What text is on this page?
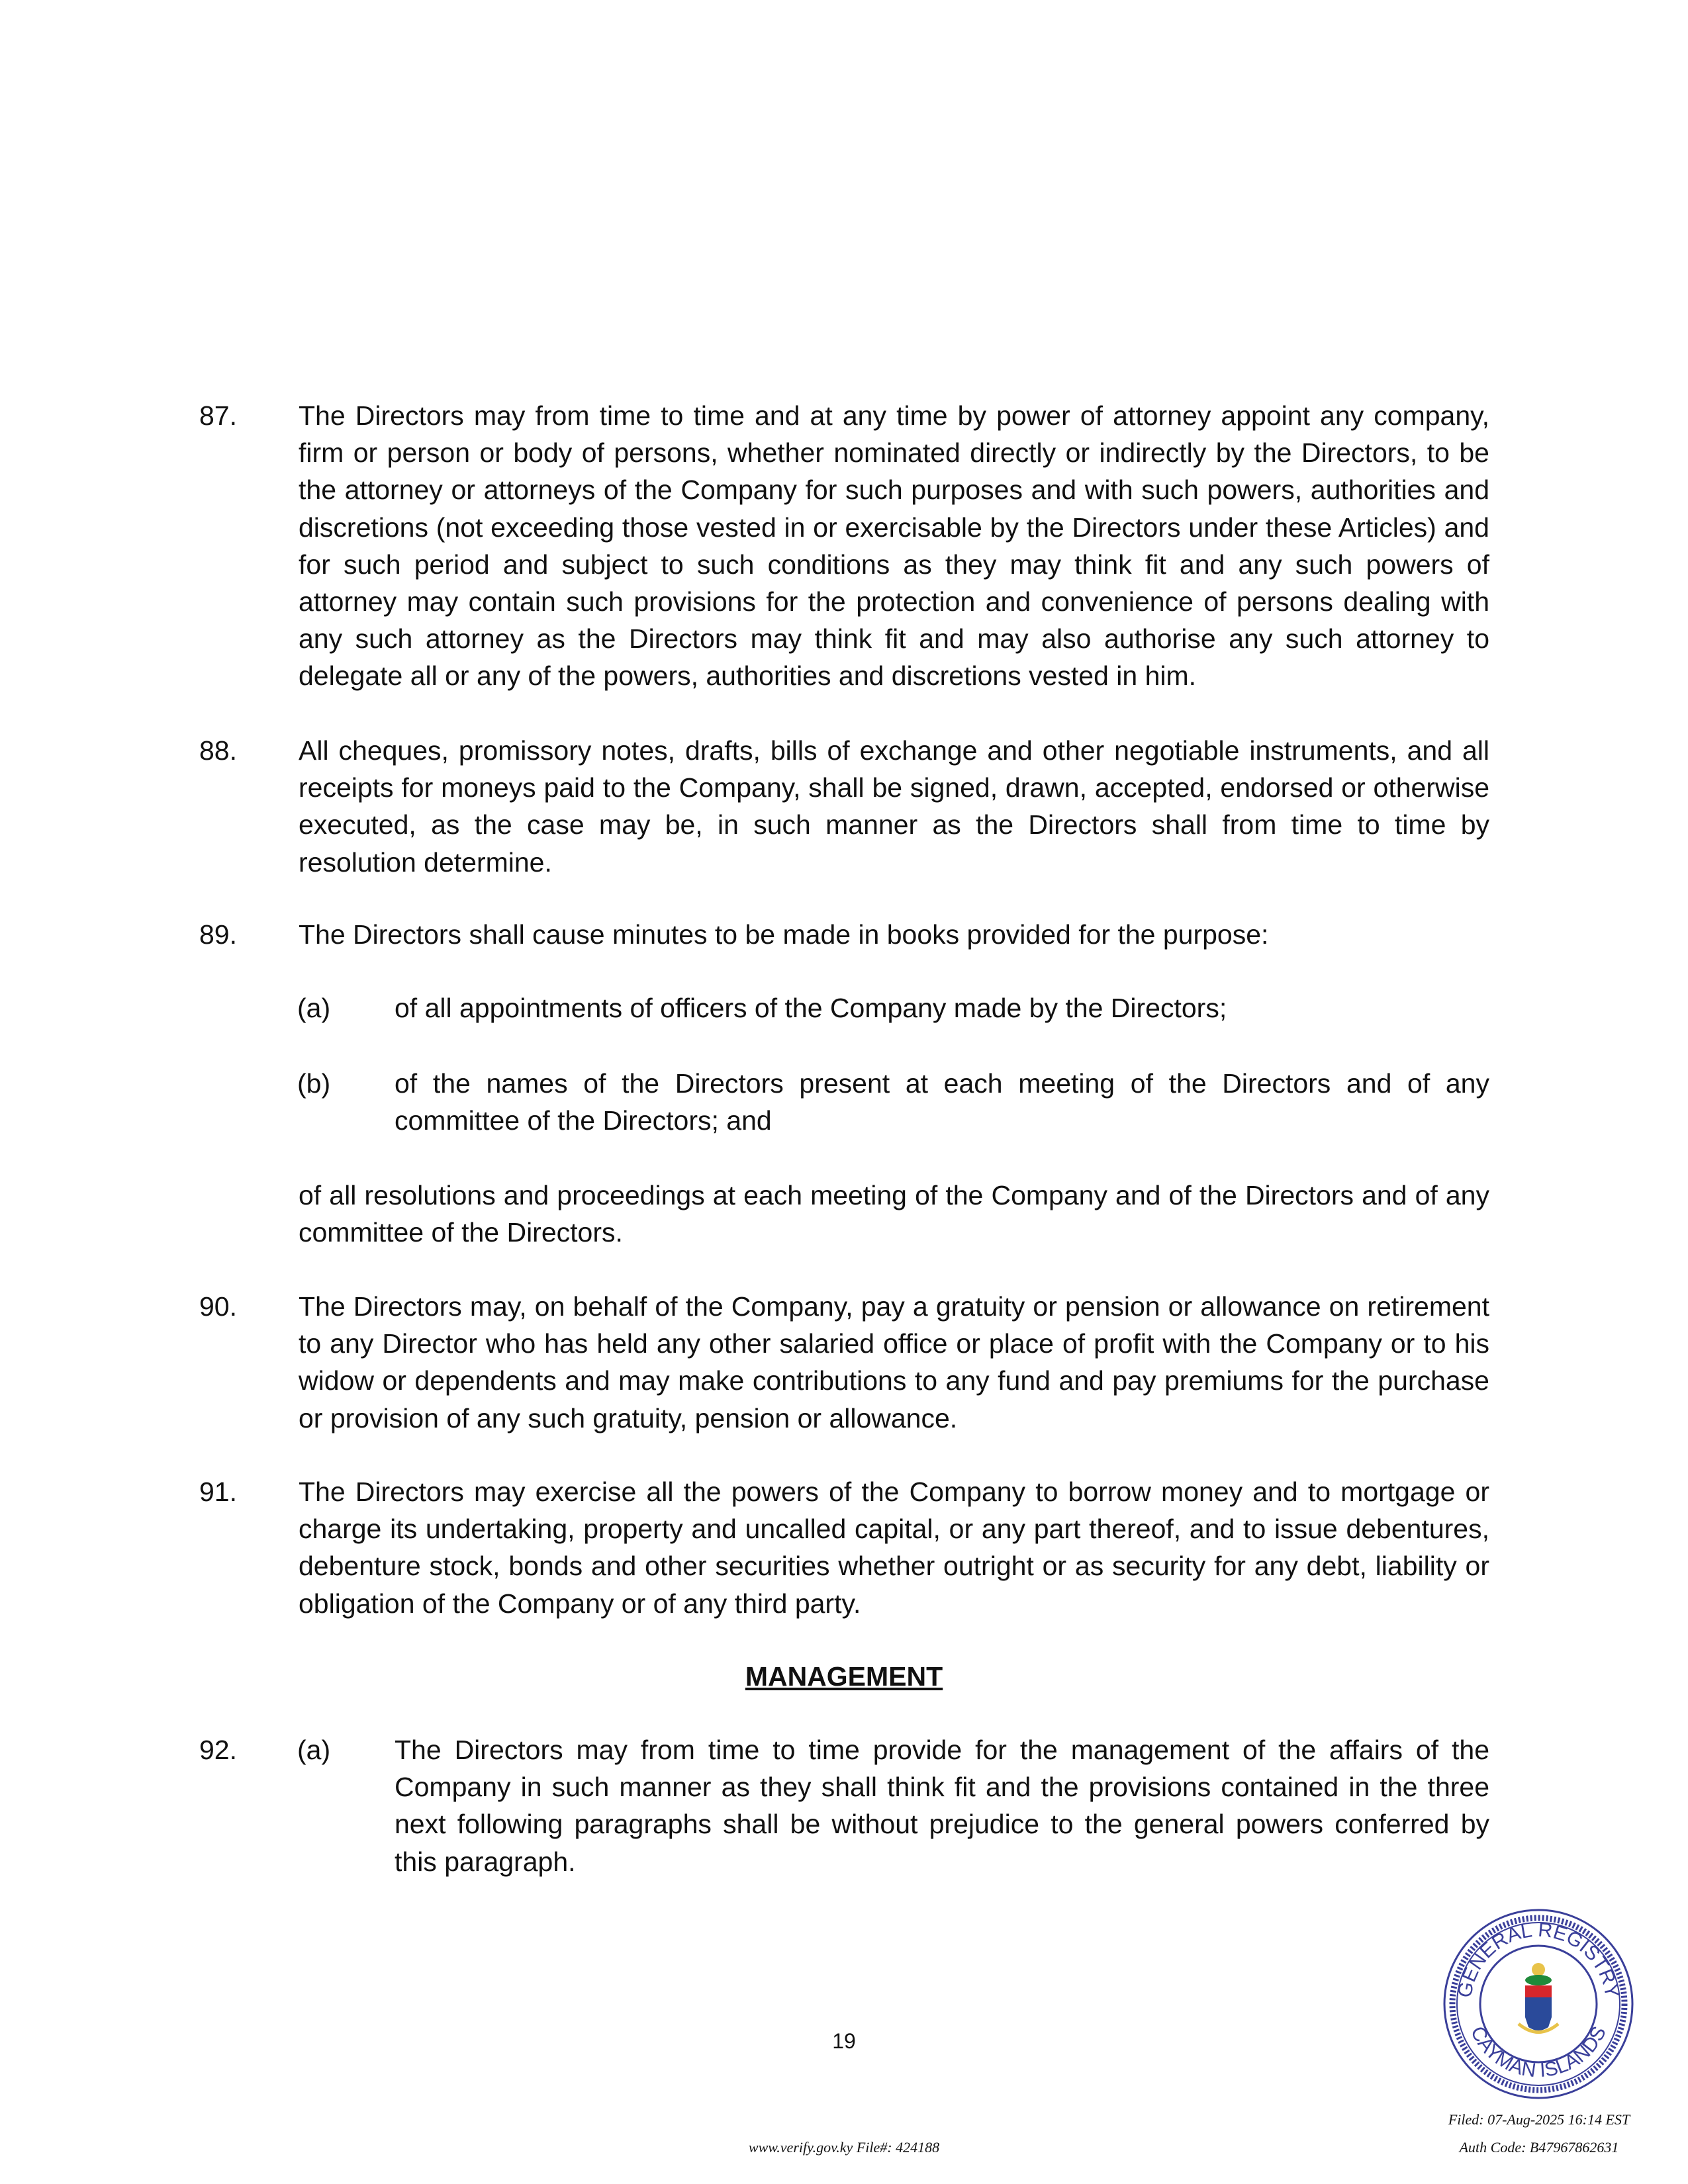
87. The Directors may from time to time and at any time by power of attorney appoint any company, firm or person or body of persons, whether nominated directly or indirectly by the Directors, to be the attorney or attorneys of the Company for such purposes and with such powers, authorities and discretions (not exceeding those vested in or exercisable by the Directors under these Articles) and for such period and subject to such conditions as they may think fit and any such powers of attorney may contain such provisions for the protection and convenience of persons dealing with any such attorney as the Directors may think fit and may also authorise any such attorney to delegate all or any of the powers, authorities and discretions vested in him.
88. All cheques, promissory notes, drafts, bills of exchange and other negotiable instruments, and all receipts for moneys paid to the Company, shall be signed, drawn, accepted, endorsed or otherwise executed, as the case may be, in such manner as the Directors shall from time to time by resolution determine.
89. The Directors shall cause minutes to be made in books provided for the purpose:
(a) of all appointments of officers of the Company made by the Directors;
(b) of the names of the Directors present at each meeting of the Directors and of any committee of the Directors; and
of all resolutions and proceedings at each meeting of the Company and of the Directors and of any committee of the Directors.
90. The Directors may, on behalf of the Company, pay a gratuity or pension or allowance on retirement to any Director who has held any other salaried office or place of profit with the Company or to his widow or dependents and may make contributions to any fund and pay premiums for the purchase or provision of any such gratuity, pension or allowance.
91. The Directors may exercise all the powers of the Company to borrow money and to mortgage or charge its undertaking, property and uncalled capital, or any part thereof, and to issue debentures, debenture stock, bonds and other securities whether outright or as security for any debt, liability or obligation of the Company or of any third party.
MANAGEMENT
92. (a) The Directors may from time to time provide for the management of the affairs of the Company in such manner as they shall think fit and the provisions contained in the three next following paragraphs shall be without prejudice to the general powers conferred by this paragraph.
19
GENERAL REGISTRY
CAYMAN ISLANDS
Filed: 07-Aug-2025 16:14 EST
Auth Code: B47967862631
www.verify.gov.ky File#: 424188
